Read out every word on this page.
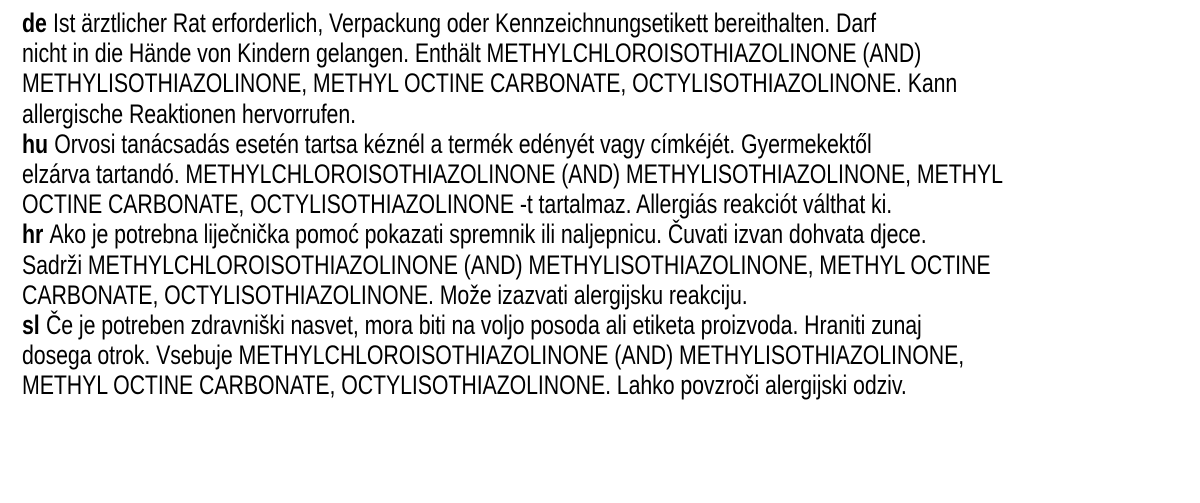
de Ist ärztlicher Rat erforderlich, Verpackung oder Kennzeichnungsetikett bereithalten. Darf
nicht in die Hände von Kindern gelangen. Enthält METHYLCHLOROISOTHIAZOLINONE (AND)
METHYLISOTHIAZOLINONE, METHYL OCTINE CARBONATE, OCTYLISOTHIAZOLINONE. Kann
allergische Reaktionen hervorrufen.
hu Orvosi tanácsadás esetén tartsa kéznél a termék edényét vagy címkéjét. Gyermekektől
elzárva tartandó. METHYLCHLOROISOTHIAZOLINONE (AND) METHYLISOTHIAZOLINONE, METHYL
OCTINE CARBONATE, OCTYLISOTHIAZOLINONE -t tartalmaz. Allergiás reakciót válthat ki.
hr Ako je potrebna liječnička pomoć pokazati spremnik ili naljepnicu. Čuvati izvan dohvata djece.
Sadrži METHYLCHLOROISOTHIAZOLINONE (AND) METHYLISOTHIAZOLINONE, METHYL OCTINE
CARBONATE, OCTYLISOTHIAZOLINONE. Može izazvati alergijsku reakciju.
sl Če je potreben zdravniški nasvet, mora biti na voljo posoda ali etiketa proizvoda. Hraniti zunaj
dosega otrok. Vsebuje METHYLCHLOROISOTHIAZOLINONE (AND) METHYLISOTHIAZOLINONE,
METHYL OCTINE CARBONATE, OCTYLISOTHIAZOLINONE. Lahko povzroči alergijski odziv.
